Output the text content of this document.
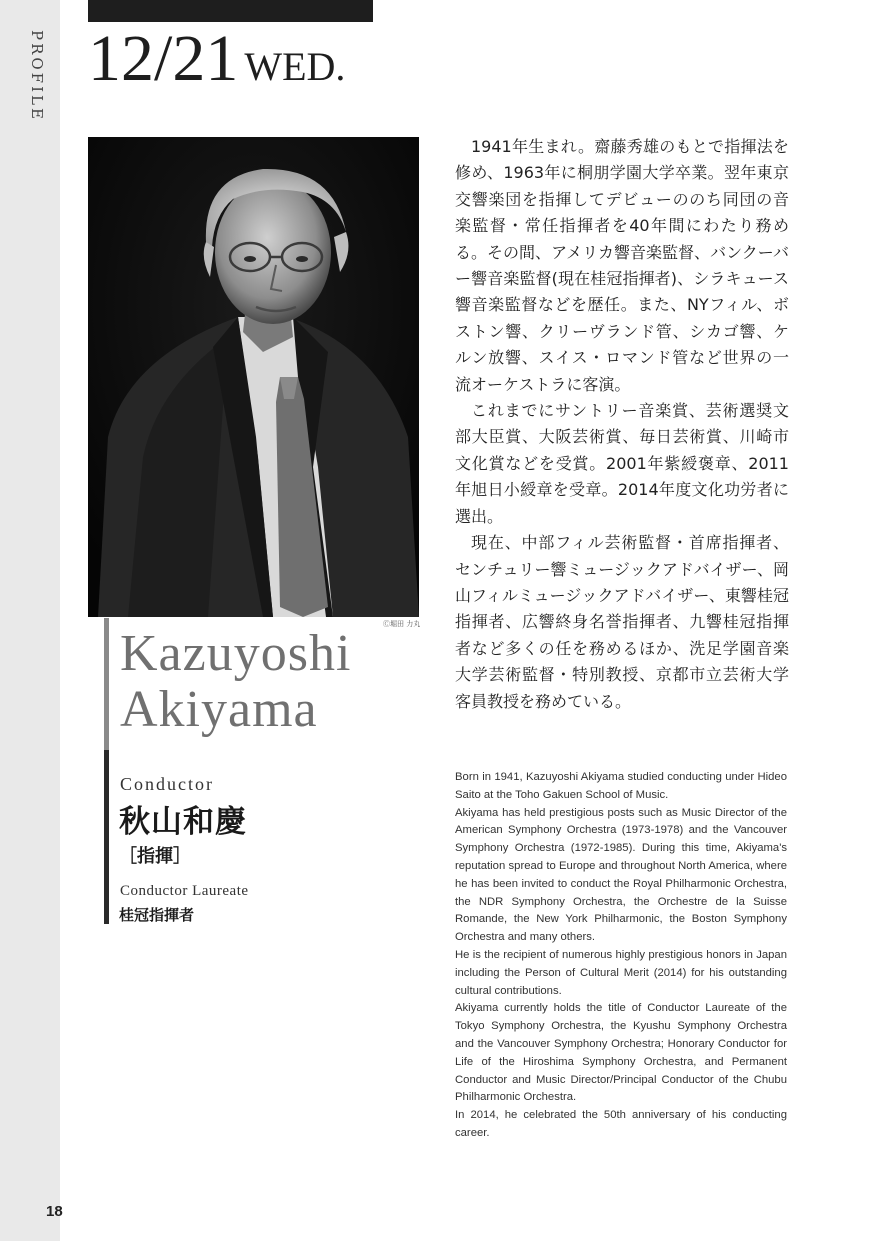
PROFILE
18
12/21 WED.
Ⓒ堀田 力丸
Kazuyoshi Akiyama
Conductor
秋山和慶
［指揮］
Conductor Laureate
桂冠指揮者

1941年生まれ。齋藤秀雄のもとで指揮法を修め、1963年に桐朋学園大学卒業。翌年東京交響楽団を指揮してデビューののち同団の音楽監督・常任指揮者を40年間にわたり務める。その間、アメリカ響音楽監督、バンクーバー響音楽監督(現在桂冠指揮者)、シラキュース響音楽監督などを歴任。また、NYフィル、ボストン響、クリーヴランド管、シカゴ響、ケルン放響、スイス・ロマンド管など世界の一流オーケストラに客演。

これまでにサントリー音楽賞、芸術選奨文部大臣賞、大阪芸術賞、毎日芸術賞、川崎市文化賞などを受賞。2001年紫綬褒章、2011年旭日小綬章を受章。2014年度文化功労者に選出。

現在、中部フィル芸術監督・首席指揮者、センチュリー響ミュージックアドバイザー、岡山フィルミュージックアドバイザー、東響桂冠指揮者、広響終身名誉指揮者、九響桂冠指揮者など多くの任を務めるほか、洗足学園音楽大学芸術監督・特別教授、京都市立芸術大学客員教授を務めている。

Born in 1941, Kazuyoshi Akiyama studied conducting under Hideo Saito at the Toho Gakuen School of Music.

Akiyama has held prestigious posts such as Music Director of the American Symphony Orchestra (1973-1978) and the Vancouver Symphony Orchestra (1972-1985). During this time, Akiyama's reputation spread to Europe and throughout North America, where he has been invited to conduct the Royal Philharmonic Orchestra, the NDR Symphony Orchestra, the Orchestre de la Suisse Romande, the New York Philharmonic, the Boston Symphony Orchestra and many others.

He is the recipient of numerous highly prestigious honors in Japan including the Person of Cultural Merit (2014) for his outstanding cultural contributions.

Akiyama currently holds the title of Conductor Laureate of the Tokyo Symphony Orchestra, the Kyushu Symphony Orchestra and the Vancouver Symphony Orchestra; Honorary Conductor for Life of the Hiroshima Symphony Orchestra, and Permanent Conductor and Music Director/Principal Conductor of the Chubu Philharmonic Orchestra.

In 2014, he celebrated the 50th anniversary of his conducting career.
